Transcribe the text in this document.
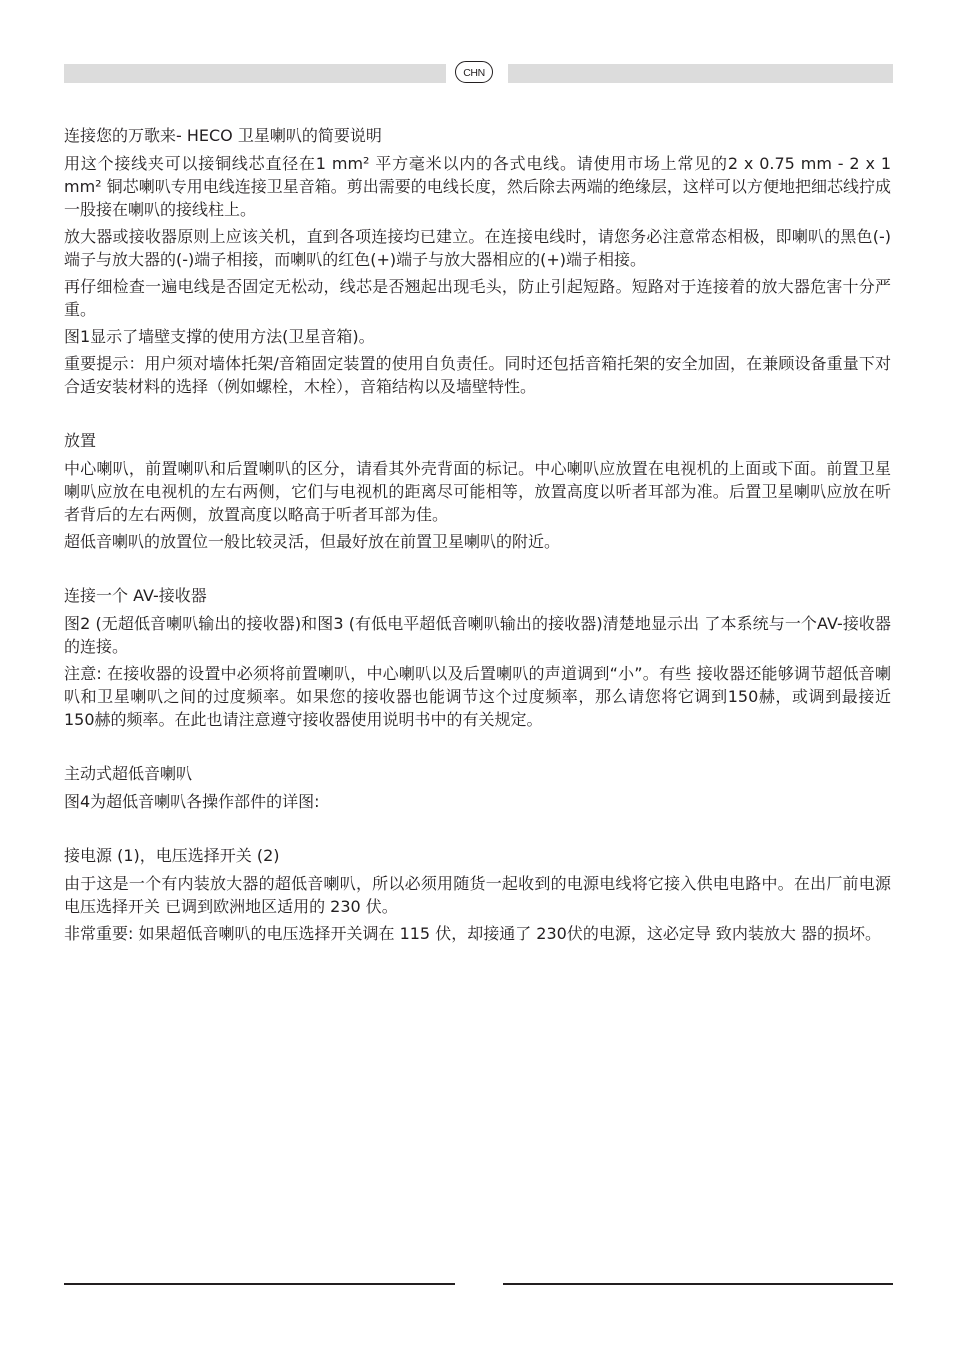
CHN

连接您的万歌来- HECO 卫星喇叭的简要说明

用这个接线夹可以接铜线芯直径在1 mm² 平方毫米以内的各式电线。请使用市场上常见的2 x 0.75 mm - 2 x 1 mm² 铜芯喇叭专用电线连接卫星音箱。剪出需要的电线长度，然后除去两端的绝缘层，这样可以方便地把细芯线拧成一股接在喇叭的接线柱上。

放大器或接收器原则上应该关机，直到各项连接均已建立。在连接电线时，请您务必注意常态相极，即喇叭的黑色(-)端子与放大器的(-)端子相接，而喇叭的红色(+)端子与放大器相应的(+)端子相接。

再仔细检查一遍电线是否固定无松动，线芯是否翘起出现毛头，防止引起短路。短路对于连接着的放大器危害十分严重。

图1显示了墙壁支撑的使用方法(卫星音箱)。

重要提示：用户须对墙体托架/音箱固定装置的使用自负责任。同时还包括音箱托架的安全加固，在兼顾设备重量下对合适安装材料的选择（例如螺栓，木栓），音箱结构以及墙壁特性。

放置

中心喇叭，前置喇叭和后置喇叭的区分，请看其外壳背面的标记。中心喇叭应放置在电视机的上面或下面。前置卫星喇叭应放在电视机的左右两侧，它们与电视机的距离尽可能相等，放置高度以听者耳部为准。后置卫星喇叭应放在听者背后的左右两侧，放置高度以略高于听者耳部为佳。

超低音喇叭的放置位一般比较灵活，但最好放在前置卫星喇叭的附近。

连接一个 AV-接收器

图2 (无超低音喇叭输出的接收器)和图3 (有低电平超低音喇叭输出的接收器)清楚地显示出 了本系统与一个AV-接收器的连接。

注意: 在接收器的设置中必须将前置喇叭，中心喇叭以及后置喇叭的声道调到“小”。有些 接收器还能够调节超低音喇叭和卫星喇叭之间的过度频率。如果您的接收器也能调节这个过度频率，那么请您将它调到150赫，或调到最接近150赫的频率。在此也请注意遵守接收器使用说明书中的有关规定。

主动式超低音喇叭

图4为超低音喇叭各操作部件的详图:

接电源 (1)，电压选择开关 (2)

由于这是一个有内装放大器的超低音喇叭，所以必须用随货一起收到的电源电线将它接入供电电路中。在出厂前电源电压选择开关 已调到欧洲地区适用的 230 伏。

非常重要: 如果超低音喇叭的电压选择开关调在 115 伏，却接通了 230伏的电源，这必定导 致内装放大 器的损坏。
